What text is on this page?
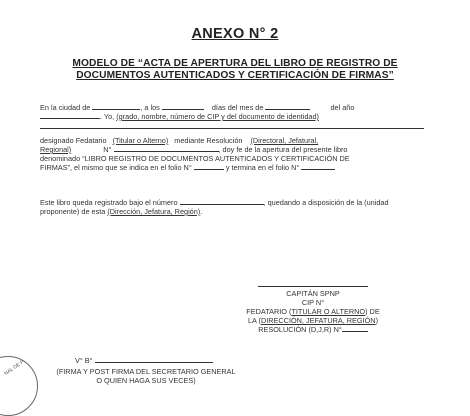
ANEXO N° 2
MODELO DE “ACTA DE APERTURA DEL LIBRO DE REGISTRO DE
DOCUMENTOS AUTENTICADOS Y CERTIFICACIÓN DE FIRMAS”
En la ciudad de	, a los	días del mes de	del año
. Yo, (grado, nombre, número de CIP y del documento de identidad)
designado Fedatario (Titular o Alterno) mediante Resolución (Directoral, Jefatural,
Regional)	N°	, doy fe de la apertura del presente libro
denominado “LIBRO REGISTRO DE DOCUMENTOS AUTENTICADOS Y CERTIFICACIÓN DE
FIRMAS”, el mismo que se indica en el folio N°	y termina en el folio N°
Este libro queda registrado bajo el número	, quedando a disposición de la (unidad
proponente) de esta (Dirección, Jefatura, Región).
CAPITÁN SPNP
CIP N°
FEDATARIO (TITULAR O ALTERNO) DE
LA (DIRECCIÓN, JEFATURA, REGIÓN)
RESOLUCIÓN (D,J,R) N°
V° B°
(FIRMA Y POST FIRMA DEL SECRETARIO GENERAL
O QUIEN HAGA SUS VECES)
NAL DE P
